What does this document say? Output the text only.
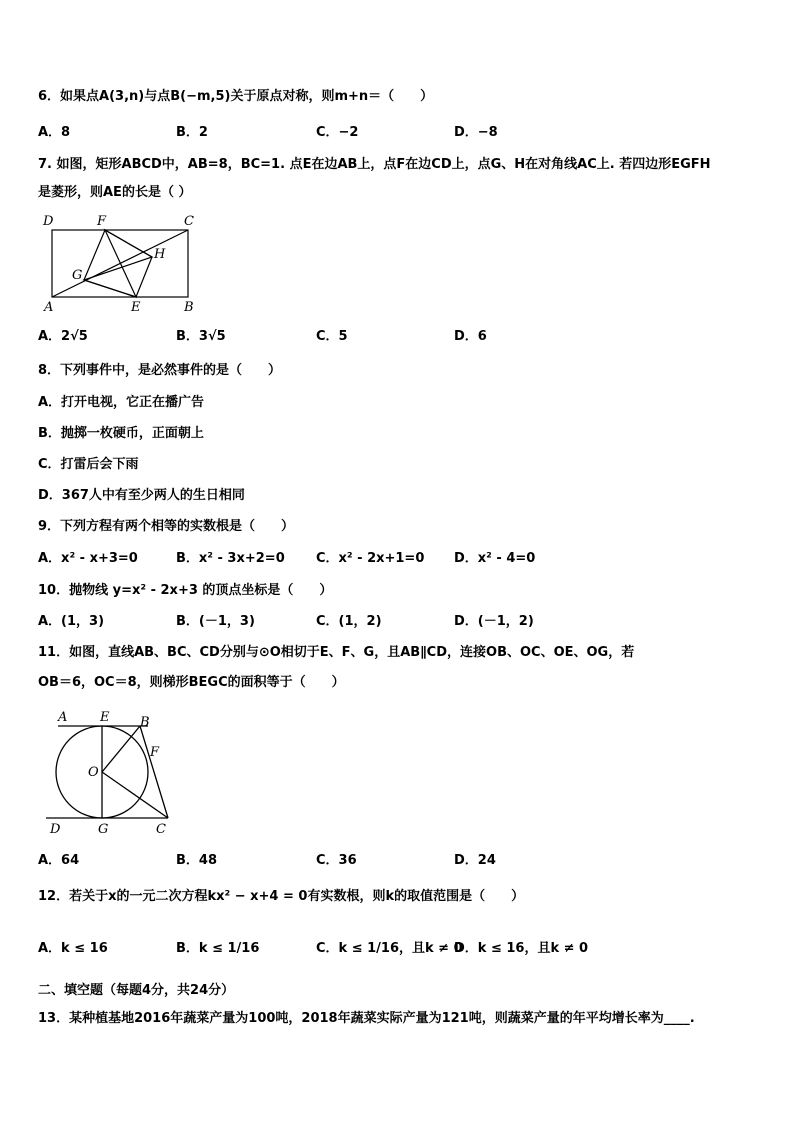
6．如果点A(3,n)与点B(−m,5)关于原点对称，则m+n＝（　　）
A．8	B．2	C．−2	D．−8
7. 如图，矩形ABCD中，AB=8，BC=1. 点E在边AB上，点F在边CD上，点G、H在对角线AC上. 若四边形EGFH
是菱形，则AE的长是（ ）
D	F	C
H
G
A	E	B
A．2√5	B．3√5	C．5	D．6
8．下列事件中，是必然事件的是（　　）
A．打开电视，它正在播广告
B．抛掷一枚硬币，正面朝上
C．打雷后会下雨
D．367人中有至少两人的生日相同
9．下列方程有两个相等的实数根是（　　）
A．x² - x+3=0	B．x² - 3x+2=0 C．x² - 2x+1=0 D．x² - 4=0
10．抛物线 y=x² - 2x+3 的顶点坐标是（　　）
A．(1，3)	B．(－1，3)	C．(1，2)	D．(－1，2)
11．如图，直线AB、BC、CD分别与⊙O相切于E、F、G，且AB∥CD，连接OB、OC、OE、OG，若
OB＝6，OC＝8，则梯形BEGC的面积等于（　　）
A	E B
F
O
D	G	C
A．64	B．48	C．36	D．24
12．若关于x的一元二次方程kx² − x+4 = 0有实数根，则k的取值范围是（　　）
A．k ≤ 16	B．k ≤ 1/16	C．k ≤ 1/16，且k ≠ 0
D．k ≤ 16，且k ≠ 0
二、填空题（每题4分，共24分）
13．某种植基地2016年蔬菜产量为100吨，2018年蔬菜实际产量为121吨，则蔬菜产量的年平均增长率为____.
